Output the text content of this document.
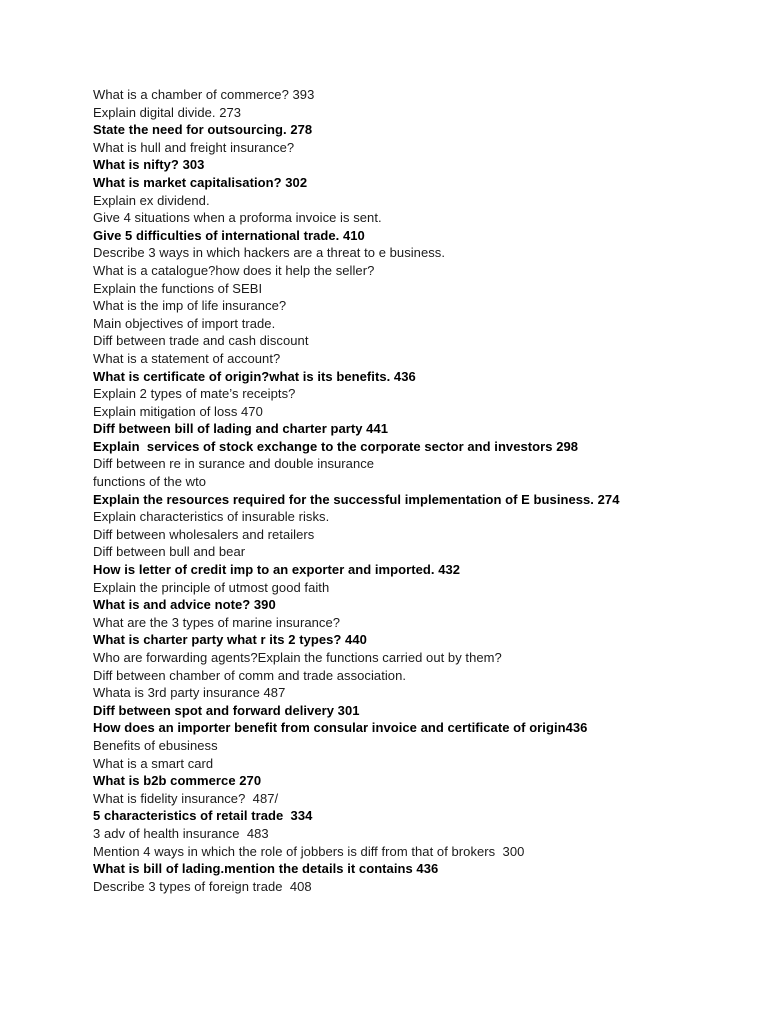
What is a chamber of commerce? 393
Explain digital divide. 273
State the need for outsourcing. 278
What is hull and freight insurance?
What is nifty? 303
What is market capitalisation? 302
Explain ex dividend.
Give 4 situations when a proforma invoice is sent.
Give 5 difficulties of international trade. 410
Describe 3 ways in which hackers are a threat to e business.
What is a catalogue?how does it help the seller?
Explain the functions of SEBI
What is the imp of life insurance?
Main objectives of import trade.
Diff between trade and cash discount
What is a statement of account?
What is certificate of origin?what is its benefits. 436
Explain 2 types of mate’s receipts?
Explain mitigation of loss 470
Diff between bill of lading and charter party 441
Explain  services of stock exchange to the corporate sector and investors 298
Diff between re in surance and double insurance
functions of the wto
Explain the resources required for the successful implementation of E business. 274
Explain characteristics of insurable risks.
Diff between wholesalers and retailers
Diff between bull and bear
How is letter of credit imp to an exporter and imported. 432
Explain the principle of utmost good faith
What is and advice note? 390
What are the 3 types of marine insurance?
What is charter party what r its 2 types? 440
Who are forwarding agents?Explain the functions carried out by them?
Diff between chamber of comm and trade association.
Whata is 3rd party insurance 487
Diff between spot and forward delivery 301
How does an importer benefit from consular invoice and certificate of origin436
Benefits of ebusiness
What is a smart card
What is b2b commerce 270
What is fidelity insurance?  487/
5 characteristics of retail trade  334
3 adv of health insurance  483
Mention 4 ways in which the role of jobbers is diff from that of brokers  300
What is bill of lading.mention the details it contains 436
Describe 3 types of foreign trade  408
